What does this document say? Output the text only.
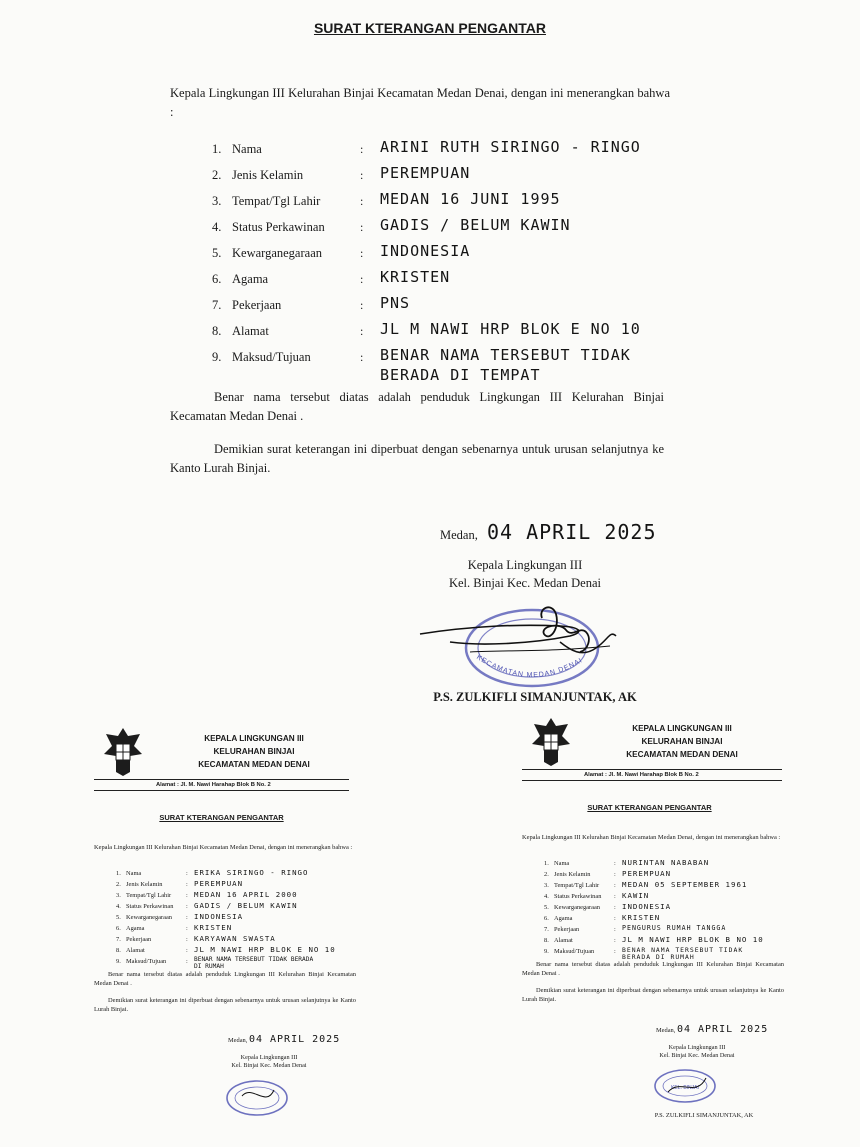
SURAT KTERANGAN PENGANTAR
Kepala Lingkungan III Kelurahan Binjai Kecamatan Medan Denai, dengan ini menerangkan bahwa :
1. Nama	: ARINI RUTH SIRINGO - RINGO
2. Jenis Kelamin	: PEREMPUAN
3. Tempat/Tgl Lahir	: MEDAN 16 JUNI 1995
4. Status Perkawinan	: GADIS / BELUM KAWIN
5. Kewarganegaraan	: INDONESIA
6. Agama	: KRISTEN
7. Pekerjaan	: PNS
8. Alamat	: JL M NAWI HRP BLOK E NO 10
9. Maksud/Tujuan	: BENAR NAMA TERSEBUT TIDAK
BERADA DI TEMPAT
Benar nama tersebut diatas adalah penduduk Lingkungan III Kelurahan Binjai Kecamatan Medan Denai .
Demikian surat keterangan ini diperbuat dengan sebenarnya untuk urusan selanjutnya ke Kanto Lurah Binjai.
Medan, 04 APRIL 2025
Kepala Lingkungan III
Kel. Binjai Kec. Medan Denai
KECAMATAN MEDAN DENAI
P.S. ZULKIFLI SIMANJUNTAK, AK
KEPALA LINGKUNGAN III
KELURAHAN BINJAI
KECAMATAN MEDAN DENAI
Alamat : Jl. M. Nawi Harahap Blok B No. 2
SURAT KTERANGAN PENGANTAR
Kepala Lingkungan III Kelurahan Binjai Kecamatan Medan Denai, dengan ini menerangkan bahwa :
1. Nama	: ERIKA SIRINGO - RINGO
2. Jenis Kelamin	: PEREMPUAN
3. Tempat/Tgl Lahir : MEDAN 16 APRIL 2000
4. Status Perkawinan : GADIS / BELUM KAWIN
5. Kewarganegaraan : INDONESIA
6. Agama	: KRISTEN
7. Pekerjaan	: KARYAWAN SWASTA
8. Alamat	: JL M NAWI HRP BLOK E NO 10
9. Maksud/Tujuan	: BENAR NAMA TERSEBUT TIDAK BERADA
DI RUMAH
Benar nama tersebut diatas adalah penduduk Lingkungan III Kelurahan Binjai Kecamatan Medan Denai .
Demikian surat keterangan ini diperbuat dengan sebenarnya untuk urusan selanjutnya ke Kanto Lurah Binjai.
Medan, 04 APRIL 2025
Kepala Lingkungan III
Kel. Binjai Kec. Medan Denai
KEPALA LINGKUNGAN III
KELURAHAN BINJAI
KECAMATAN MEDAN DENAI
Alamat : Jl. M. Nawi Harahap Blok B No. 2
SURAT KTERANGAN PENGANTAR
Kepala Lingkungan III Kelurahan Binjai Kecamatan Medan Denai, dengan ini menerangkan bahwa :
1. Nama	: NURINTAN NABABAN
2. Jenis Kelamin	: PEREMPUAN
3. Tempat/Tgl Lahir : MEDAN 05 SEPTEMBER 1961
4. Status Perkawinan : KAWIN
5. Kewarganegaraan : INDONESIA
6. Agama	: KRISTEN
7. Pekerjaan	: PENGURUS RUMAH TANGGA
8. Alamat	: JL M NAWI HRP BLOK B NO 10
9. Maksud/Tujuan	: BENAR NAMA TERSEBUT TIDAK
BERADA DI RUMAH
Benar nama tersebut diatas adalah penduduk Lingkungan III Kelurahan Binjai Kecamatan Medan Denai .
Demikian surat keterangan ini diperbuat dengan sebenarnya untuk urusan selanjutnya ke Kanto Lurah Binjai.
Medan, 04 APRIL 2025
Kepala Lingkungan III
Kel. Binjai Kec. Medan Denai
KEL. BINJAI
P.S. ZULKIFLI SIMANJUNTAK, AK
